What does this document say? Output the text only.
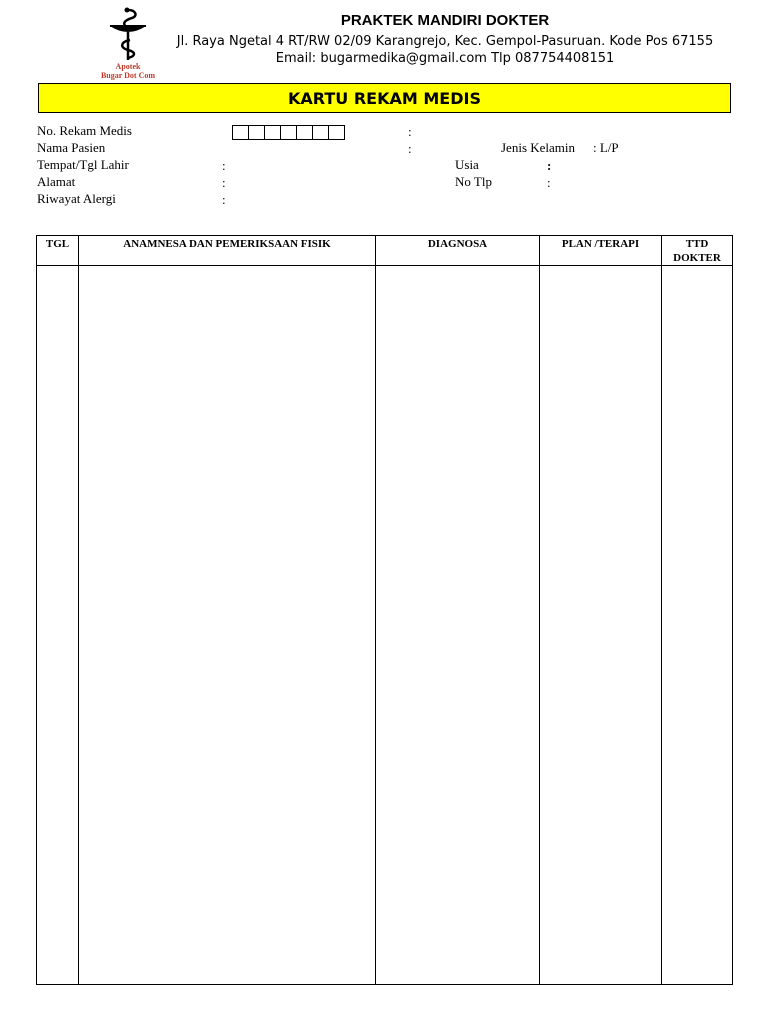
Apotek
Bugar Dot Com
PRAKTEK MANDIRI DOKTER
Jl. Raya Ngetal 4 RT/RW 02/09 Karangrejo, Kec. Gempol-Pasuruan. Kode Pos 67155 Email: bugarmedika@gmail.com Tlp 087754408151
KARTU REKAM MEDIS
No. Rekam Medis	:
Nama Pasien	:	Jenis Kelamin : L/P
Tempat/Tgl Lahir	:	Usia	:
Alamat	:	No Tlp	:
Riwayat Alergi	:
TGL	ANAMNESA DAN PEMERIKSAAN FISIK	DIAGNOSA	PLAN /TERAPI	TTD DOKTER
